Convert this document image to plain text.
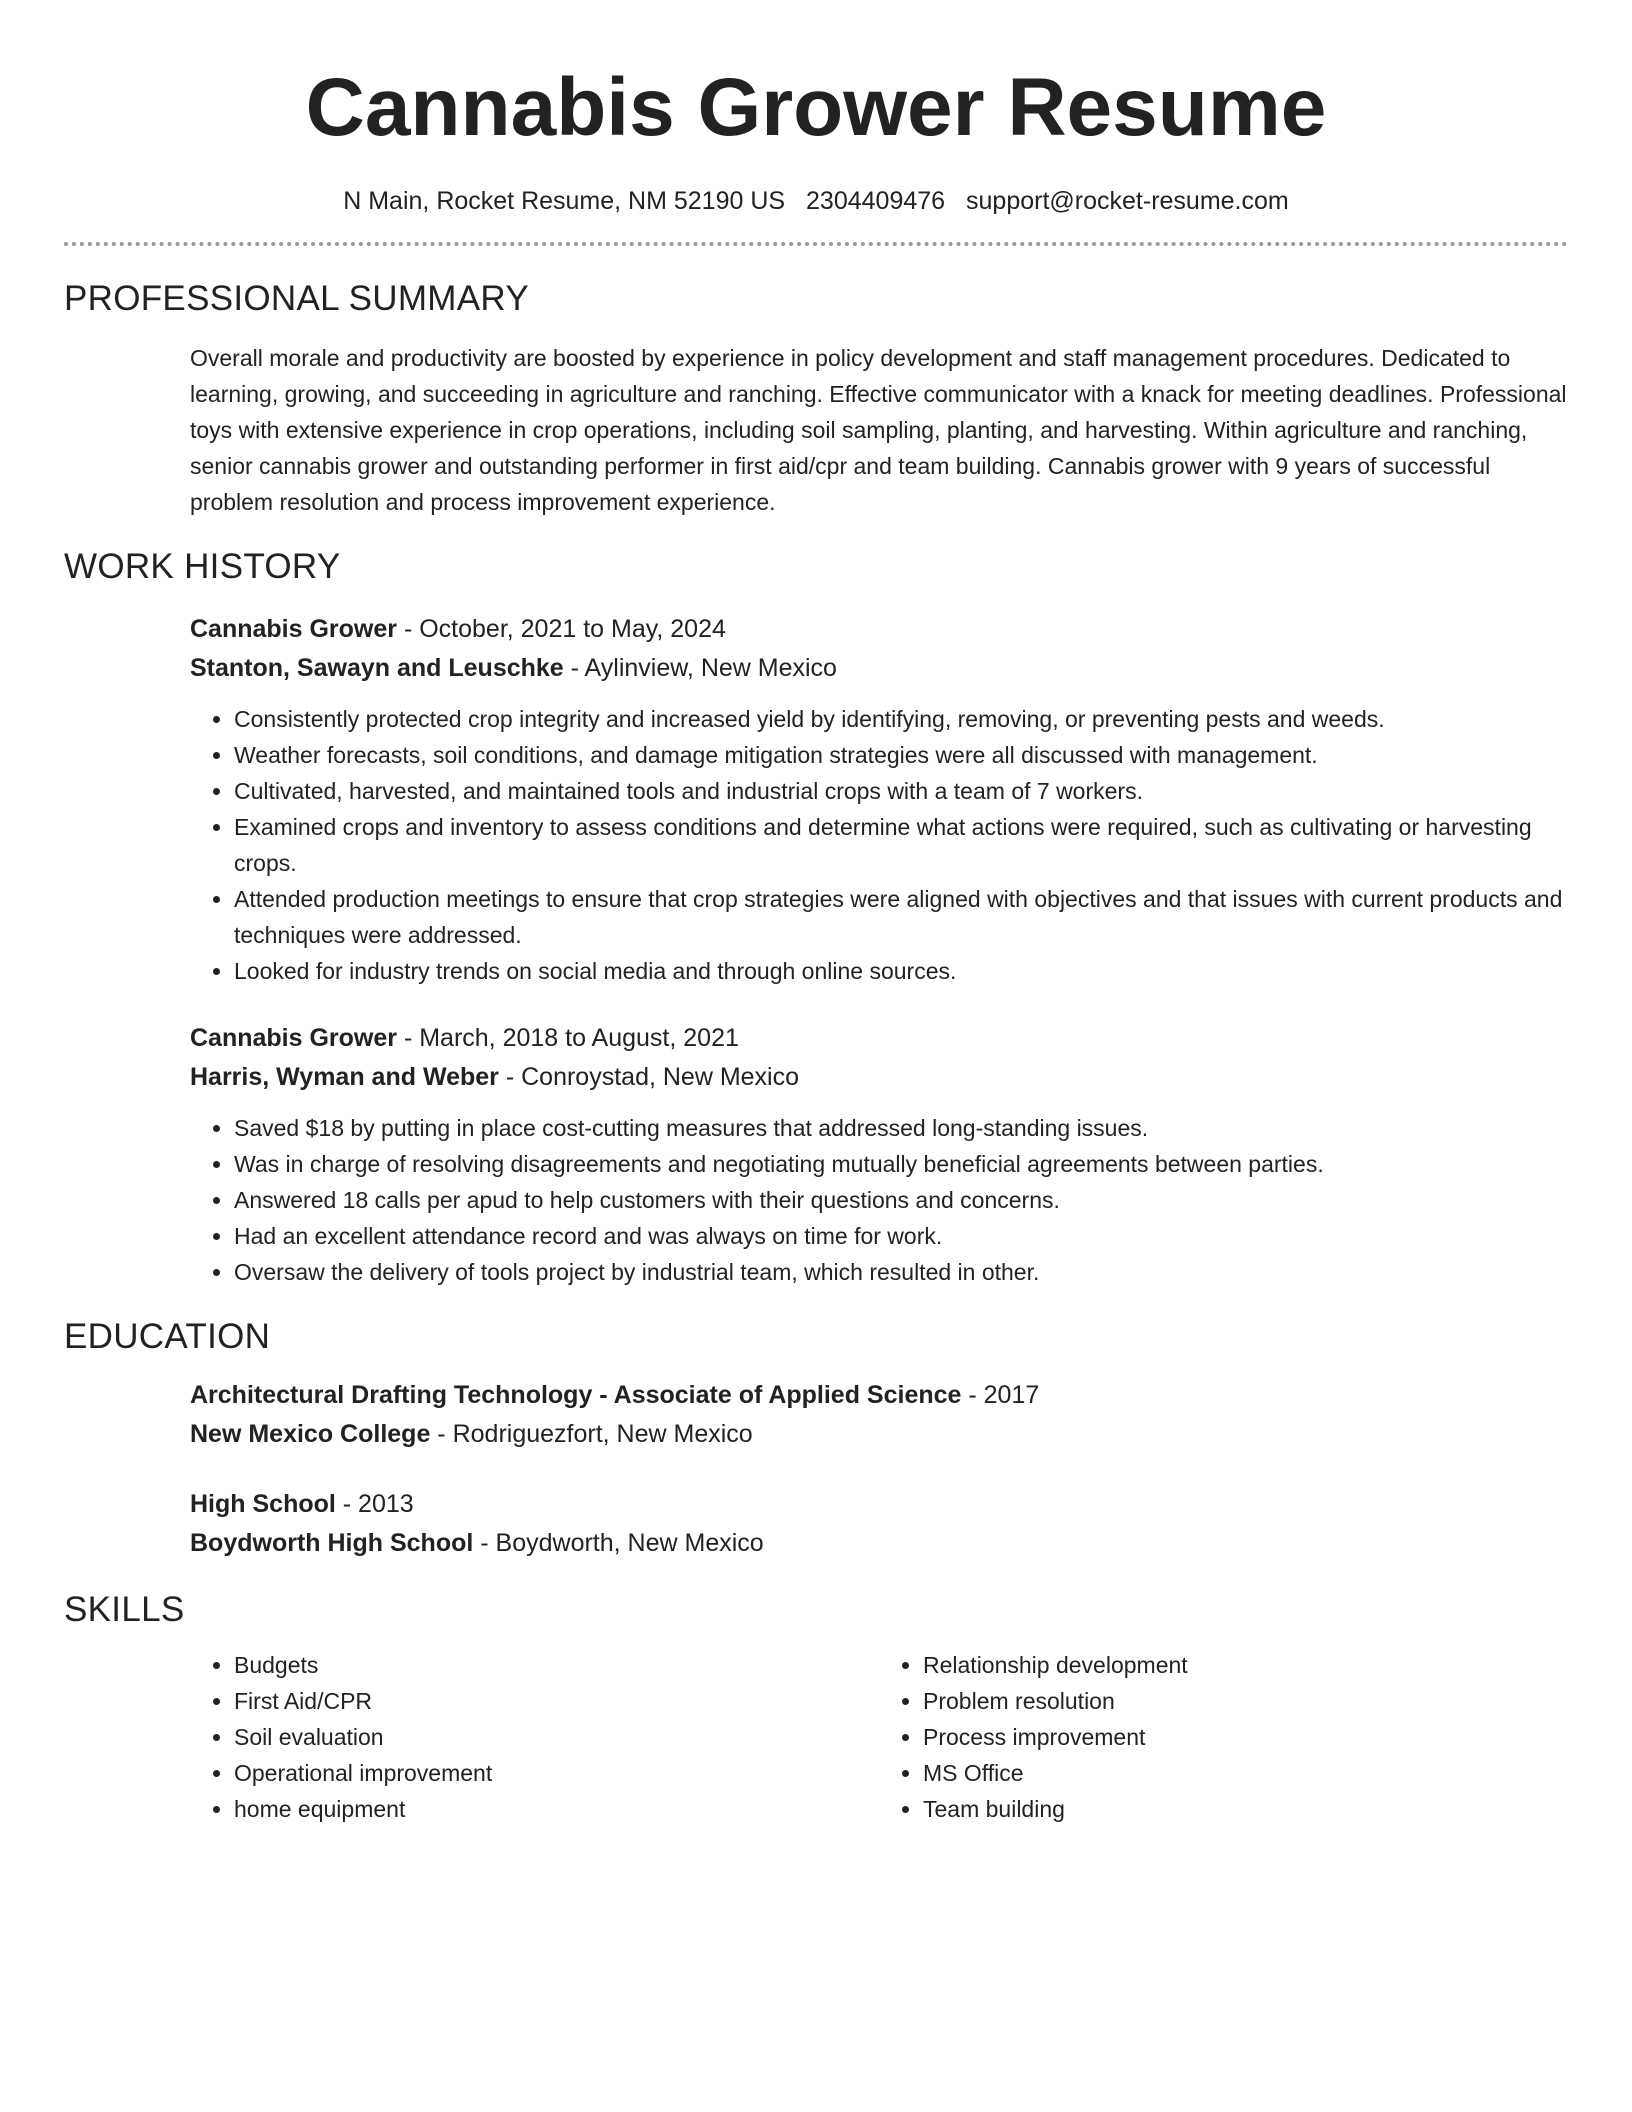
Cannabis Grower Resume
N Main, Rocket Resume, NM 52190 US 2304409476 support@rocket-resume.com
PROFESSIONAL SUMMARY

Overall morale and productivity are boosted by experience in policy development and staff management procedures. Dedicated to learning, growing, and succeeding in agriculture and ranching. Effective communicator with a knack for meeting deadlines. Professional toys with extensive experience in crop operations, including soil sampling, planting, and harvesting. Within agriculture and ranching, senior cannabis grower and outstanding performer in first aid/cpr and team building. Cannabis grower with 9 years of successful problem resolution and process improvement experience.

WORK HISTORY
Cannabis Grower - October, 2021 to May, 2024
Stanton, Sawayn and Leuschke - Aylinview, New Mexico
• Consistently protected crop integrity and increased yield by identifying, removing, or preventing pests and weeds.
• Weather forecasts, soil conditions, and damage mitigation strategies were all discussed with management.
• Cultivated, harvested, and maintained tools and industrial crops with a team of 7 workers.
• Examined crops and inventory to assess conditions and determine what actions were required, such as cultivating or harvesting crops.
• Attended production meetings to ensure that crop strategies were aligned with objectives and that issues with current products and techniques were addressed.
• Looked for industry trends on social media and through online sources.
Cannabis Grower - March, 2018 to August, 2021
Harris, Wyman and Weber - Conroystad, New Mexico
• Saved $18 by putting in place cost-cutting measures that addressed long-standing issues.
• Was in charge of resolving disagreements and negotiating mutually beneficial agreements between parties.
• Answered 18 calls per apud to help customers with their questions and concerns.
• Had an excellent attendance record and was always on time for work.
• Oversaw the delivery of tools project by industrial team, which resulted in other.
EDUCATION
Architectural Drafting Technology - Associate of Applied Science - 2017
New Mexico College - Rodriguezfort, New Mexico
High School - 2013
Boydworth High School - Boydworth, New Mexico
SKILLS
• Budgets
• First Aid/CPR
• Soil evaluation
• Operational improvement
• home equipment
• Relationship development
• Problem resolution
• Process improvement
• MS Office
• Team building
